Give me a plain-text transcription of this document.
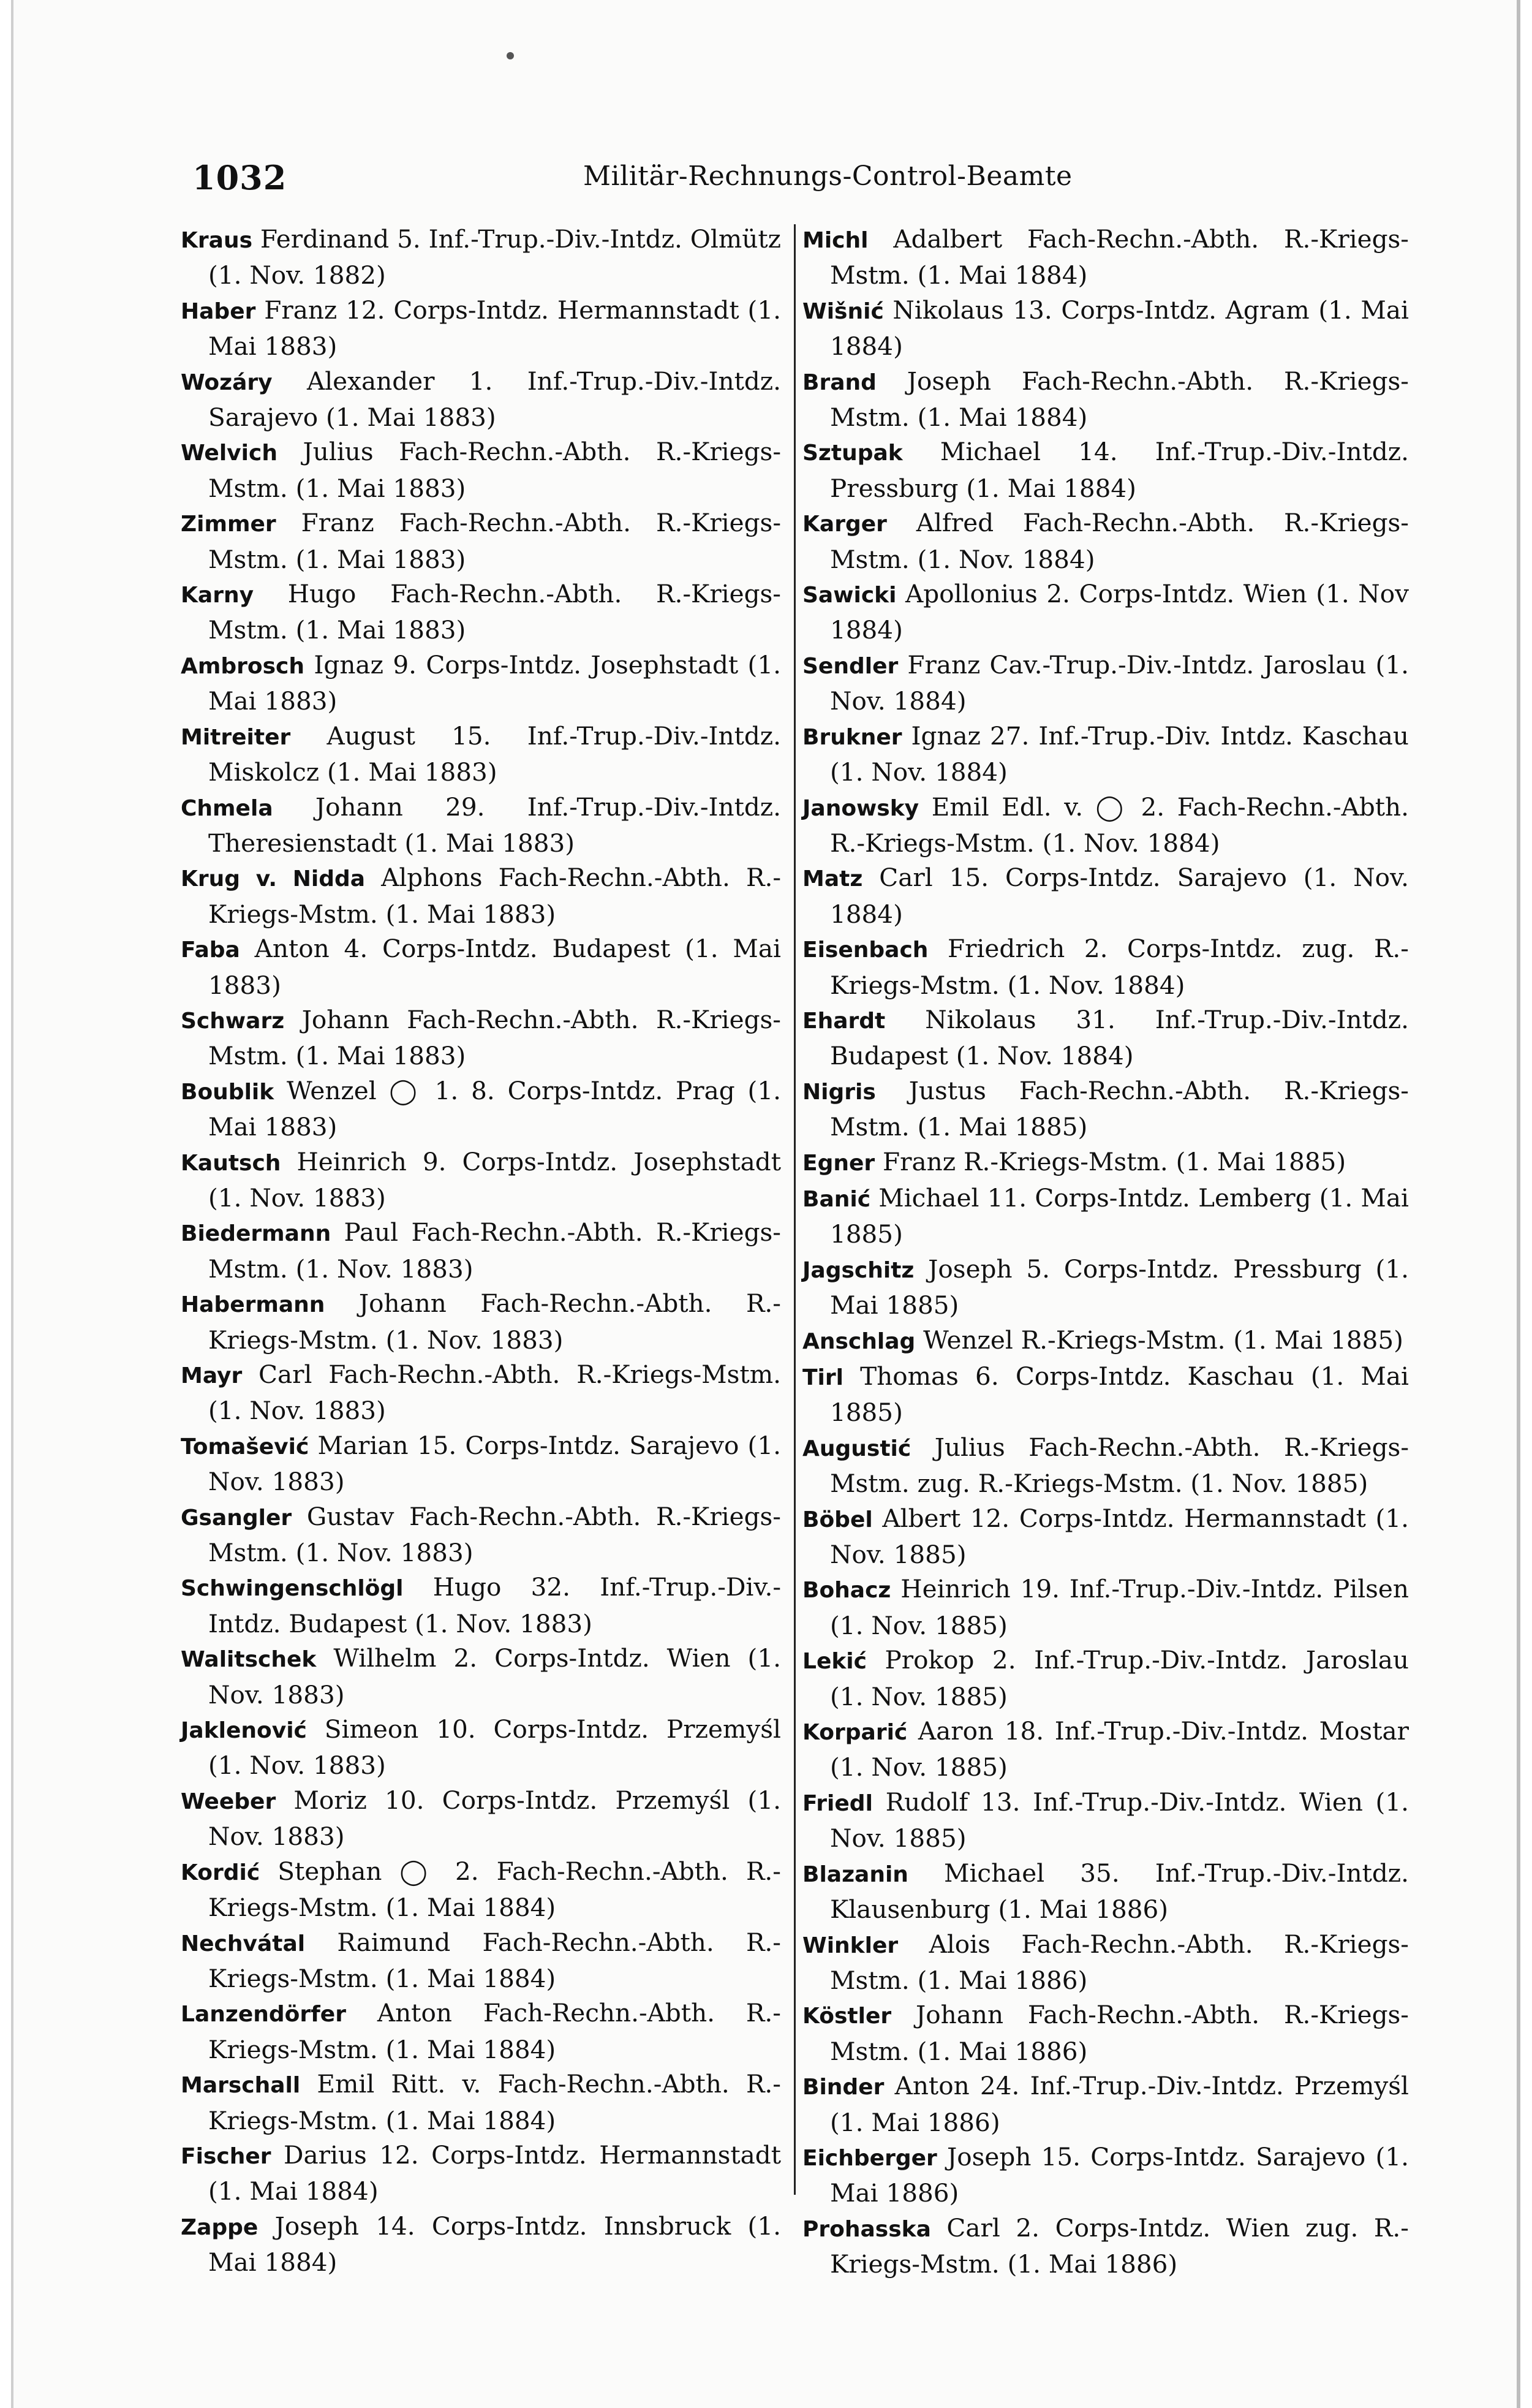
1032	Militär-Rechnungs-Control-Beamte
Kraus Ferdinand 5. Inf.-Trup.-Div.-Intdz. Olmütz (1. Nov. 1882)
Haber Franz 12. Corps-Intdz. Hermannstadt (1. Mai 1883)
Wozáry Alexander 1. Inf.-Trup.-Div.-Intdz. Sarajevo (1. Mai 1883)
Welvich Julius Fach-Rechn.-Abth. R.-Kriegs-Mstm. (1. Mai 1883)
Zimmer Franz Fach-Rechn.-Abth. R.-Kriegs-Mstm. (1. Mai 1883)
Karny Hugo Fach-Rechn.-Abth. R.-Kriegs-Mstm. (1. Mai 1883)
Ambrosch Ignaz 9. Corps-Intdz. Josephstadt (1. Mai 1883)
Mitreiter August 15. Inf.-Trup.-Div.-Intdz. Miskolcz (1. Mai 1883)
Chmela Johann 29. Inf.-Trup.-Div.-Intdz. Theresienstadt (1. Mai 1883)
Krug v. Nidda Alphons Fach-Rechn.-Abth. R.-Kriegs-Mstm. (1. Mai 1883)
Faba Anton 4. Corps-Intdz. Budapest (1. Mai 1883)
Schwarz Johann Fach-Rechn.-Abth. R.-Kriegs-Mstm. (1. Mai 1883)
Boublik Wenzel ◯ 1. 8. Corps-Intdz. Prag (1. Mai 1883)
Kautsch Heinrich 9. Corps-Intdz. Josephstadt (1. Nov. 1883)
Biedermann Paul Fach-Rechn.-Abth. R.-Kriegs-Mstm. (1. Nov. 1883)
Habermann Johann Fach-Rechn.-Abth. R.-Kriegs-Mstm. (1. Nov. 1883)
Mayr Carl Fach-Rechn.-Abth. R.-Kriegs-Mstm. (1. Nov. 1883)
Tomašević Marian 15. Corps-Intdz. Sarajevo (1. Nov. 1883)
Gsangler Gustav Fach-Rechn.-Abth. R.-Kriegs-Mstm. (1. Nov. 1883)
Schwingenschlögl Hugo 32. Inf.-Trup.-Div.-Intdz. Budapest (1. Nov. 1883)
Walitschek Wilhelm 2. Corps-Intdz. Wien (1. Nov. 1883)
Jaklenović Simeon 10. Corps-Intdz. Przemyśl (1. Nov. 1883)
Weeber Moriz 10. Corps-Intdz. Przemyśl (1. Nov. 1883)
Kordić Stephan ◯ 2. Fach-Rechn.-Abth. R.-Kriegs-Mstm. (1. Mai 1884)
Nechvátal Raimund Fach-Rechn.-Abth. R.-Kriegs-Mstm. (1. Mai 1884)
Lanzendörfer Anton Fach-Rechn.-Abth. R.-Kriegs-Mstm. (1. Mai 1884)
Marschall Emil Ritt. v. Fach-Rechn.-Abth. R.-Kriegs-Mstm. (1. Mai 1884)
Fischer Darius 12. Corps-Intdz. Hermannstadt (1. Mai 1884)
Zappe Joseph 14. Corps-Intdz. Innsbruck (1. Mai 1884)
Michl Adalbert Fach-Rechn.-Abth. R.-Kriegs-Mstm. (1. Mai 1884)
Wišnić Nikolaus 13. Corps-Intdz. Agram (1. Mai 1884)
Brand Joseph Fach-Rechn.-Abth. R.-Kriegs-Mstm. (1. Mai 1884)
Sztupak Michael 14. Inf.-Trup.-Div.-Intdz. Pressburg (1. Mai 1884)
Karger Alfred Fach-Rechn.-Abth. R.-Kriegs-Mstm. (1. Nov. 1884)
Sawicki Apollonius 2. Corps-Intdz. Wien (1. Nov 1884)
Sendler Franz Cav.-Trup.-Div.-Intdz. Jaroslau (1. Nov. 1884)
Brukner Ignaz 27. Inf.-Trup.-Div. Intdz. Kaschau (1. Nov. 1884)
Janowsky Emil Edl. v. ◯ 2. Fach-Rechn.-Abth. R.-Kriegs-Mstm. (1. Nov. 1884)
Matz Carl 15. Corps-Intdz. Sarajevo (1. Nov. 1884)
Eisenbach Friedrich 2. Corps-Intdz. zug. R.-Kriegs-Mstm. (1. Nov. 1884)
Ehardt Nikolaus 31. Inf.-Trup.-Div.-Intdz. Budapest (1. Nov. 1884)
Nigris Justus Fach-Rechn.-Abth. R.-Kriegs-Mstm. (1. Mai 1885)
Egner Franz R.-Kriegs-Mstm. (1. Mai 1885)
Banić Michael 11. Corps-Intdz. Lemberg (1. Mai 1885)
Jagschitz Joseph 5. Corps-Intdz. Pressburg (1. Mai 1885)
Anschlag Wenzel R.-Kriegs-Mstm. (1. Mai 1885)
Tirl Thomas 6. Corps-Intdz. Kaschau (1. Mai 1885)
Augustić Julius Fach-Rechn.-Abth. R.-Kriegs-Mstm. zug. R.-Kriegs-Mstm. (1. Nov. 1885)
Böbel Albert 12. Corps-Intdz. Hermannstadt (1. Nov. 1885)
Bohacz Heinrich 19. Inf.-Trup.-Div.-Intdz. Pilsen (1. Nov. 1885)
Lekić Prokop 2. Inf.-Trup.-Div.-Intdz. Jaroslau (1. Nov. 1885)
Korparić Aaron 18. Inf.-Trup.-Div.-Intdz. Mostar (1. Nov. 1885)
Friedl Rudolf 13. Inf.-Trup.-Div.-Intdz. Wien (1. Nov. 1885)
Blazanin Michael 35. Inf.-Trup.-Div.-Intdz. Klausenburg (1. Mai 1886)
Winkler Alois Fach-Rechn.-Abth. R.-Kriegs-Mstm. (1. Mai 1886)
Köstler Johann Fach-Rechn.-Abth. R.-Kriegs-Mstm. (1. Mai 1886)
Binder Anton 24. Inf.-Trup.-Div.-Intdz. Przemyśl (1. Mai 1886)
Eichberger Joseph 15. Corps-Intdz. Sarajevo (1. Mai 1886)
Prohasska Carl 2. Corps-Intdz. Wien zug. R.-Kriegs-Mstm. (1. Mai 1886)
